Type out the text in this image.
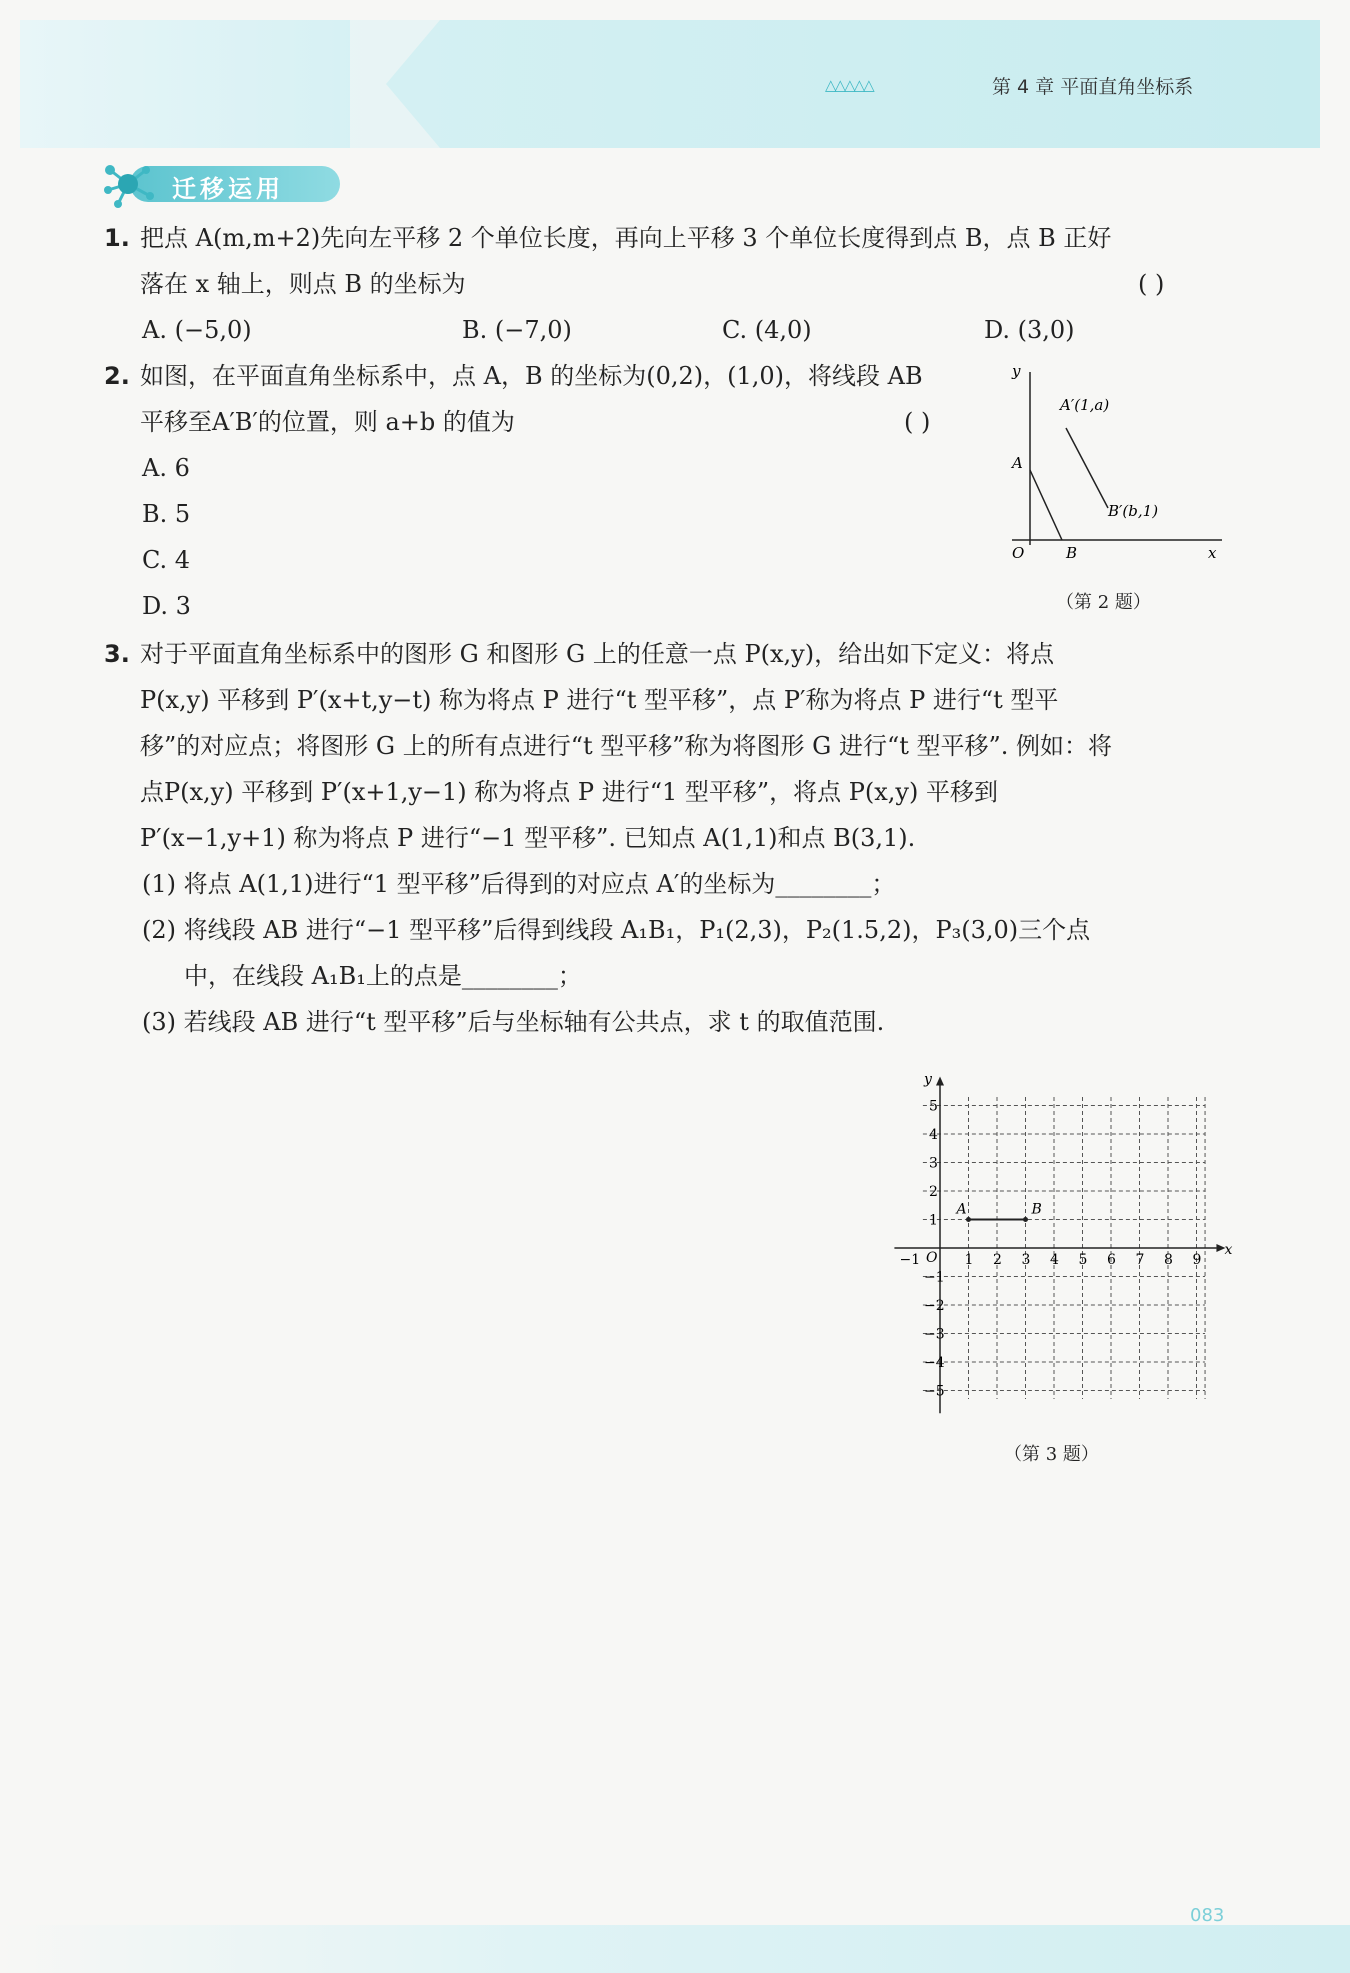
△△△△△	第 4 章 平面直角坐标系
迁移运用
1. 把点 A(m,m+2)先向左平移 2 个单位长度，再向上平移 3 个单位长度得到点 B，点 B 正好
落在 x 轴上，则点 B 的坐标为	( )
A. (−5,0)	B. (−7,0)	C. (4,0)	D. (3,0)
2. 如图，在平面直角坐标系中，点 A，B 的坐标为(0,2)，(1,0)，将线段 AB
平移至A′B′的位置，则 a+b 的值为	( )
A. 6
B. 5
C. 4
D. 3
y
x
O
A
B
A′(1,a)
B′(b,1)
（第 2 题）
3. 对于平面直角坐标系中的图形 G 和图形 G 上的任意一点 P(x,y)，给出如下定义：将点
P(x,y) 平移到 P′(x+t,y−t) 称为将点 P 进行“t 型平移”，点 P′称为将点 P 进行“t 型平
移”的对应点；将图形 G 上的所有点进行“t 型平移”称为将图形 G 进行“t 型平移”. 例如：将
点P(x,y) 平移到 P′(x+1,y−1) 称为将点 P 进行“1 型平移”，将点 P(x,y) 平移到
P′(x−1,y+1) 称为将点 P 进行“−1 型平移”. 已知点 A(1,1)和点 B(3,1).
(1) 将点 A(1,1)进行“1 型平移”后得到的对应点 A′的坐标为________；
(2) 将线段 AB 进行“−1 型平移”后得到线段 A₁B₁，P₁(2,3)，P₂(1.5,2)，P₃(3,0)三个点
中，在线段 A₁B₁上的点是________；
(3) 若线段 AB 进行“t 型平移”后与坐标轴有公共点，求 t 的取值范围.
y
x
O
−1	1 2 3 4 5 6 7 8 9
5
4
3
2
1
−1
−2
−3
−4
−5
A	B
（第 3 题）
083
